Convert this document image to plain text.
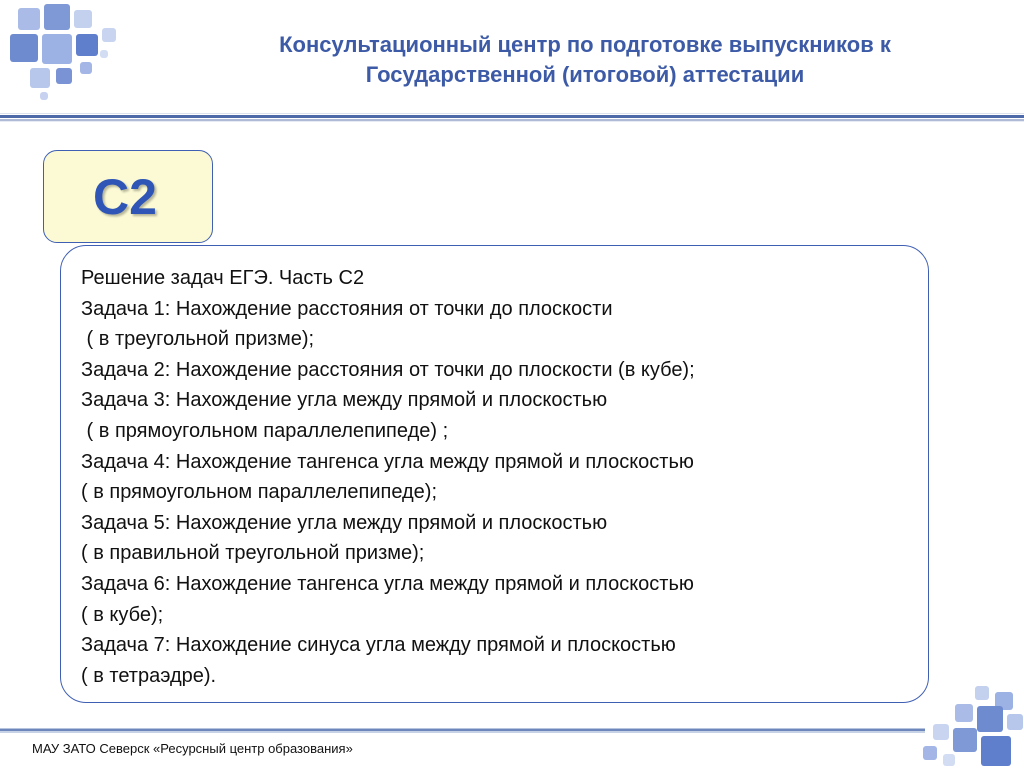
Консультационный центр по подготовке выпускников к
Государственной (итоговой) аттестации
С2
Решение задач ЕГЭ. Часть С2
Задача 1: Нахождение расстояния от точки до плоскости
( в треугольной призме);
Задача 2: Нахождение расстояния от точки до плоскости (в кубе);
Задача 3: Нахождение угла между прямой и плоскостью
( в прямоугольном параллелепипеде) ;
Задача 4: Нахождение тангенса угла между прямой и плоскостью
( в прямоугольном параллелепипеде);
Задача 5: Нахождение угла между прямой и плоскостью
( в правильной треугольной призме);
Задача 6: Нахождение тангенса угла между прямой и плоскостью
( в кубе);
Задача 7: Нахождение синуса угла между прямой и плоскостью
( в тетраэдре).
МАУ ЗАТО Северск «Ресурсный центр образования»
